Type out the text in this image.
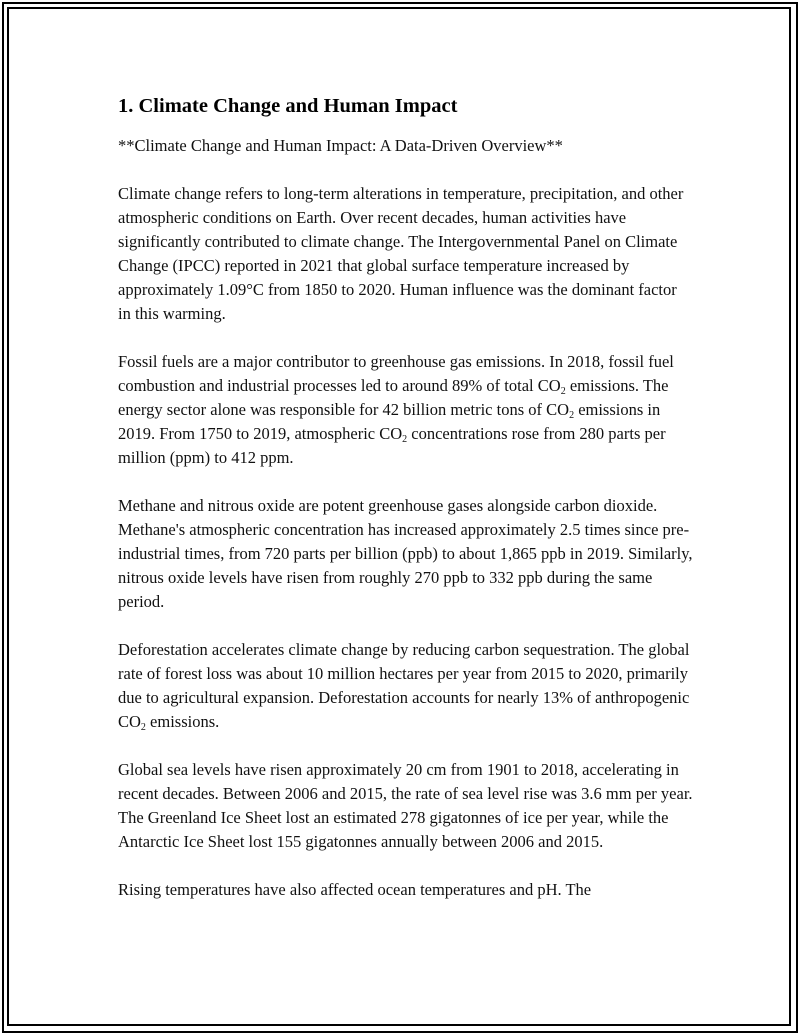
1. Climate Change and Human Impact
**Climate Change and Human Impact: A Data-Driven Overview**

Climate change refers to long-term alterations in temperature, precipitation, and other atmospheric conditions on Earth. Over recent decades, human activities have significantly contributed to climate change. The Intergovernmental Panel on Climate Change (IPCC) reported in 2021 that global surface temperature increased by approximately 1.09°C from 1850 to 2020. Human influence was the dominant factor in this warming.

Fossil fuels are a major contributor to greenhouse gas emissions. In 2018, fossil fuel combustion and industrial processes led to around 89% of total $CO_2$ emissions. The energy sector alone was responsible for 42 billion metric tons of $CO_2$ emissions in 2019. From 1750 to 2019, atmospheric $CO_2$ concentrations rose from 280 parts per million (ppm) to 412 ppm.

Methane and nitrous oxide are potent greenhouse gases alongside carbon dioxide. Methane's atmospheric concentration has increased approximately 2.5 times since pre-industrial times, from 720 parts per billion (ppb) to about 1,865 ppb in 2019. Similarly, nitrous oxide levels have risen from roughly 270 ppb to 332 ppb during the same period.

Deforestation accelerates climate change by reducing carbon sequestration. The global rate of forest loss was about 10 million hectares per year from 2015 to 2020, primarily due to agricultural expansion. Deforestation accounts for nearly 13% of anthropogenic $CO_2$ emissions.

Global sea levels have risen approximately 20 cm from 1901 to 2018, accelerating in recent decades. Between 2006 and 2015, the rate of sea level rise was 3.6 mm per year. The Greenland Ice Sheet lost an estimated 278 gigatonnes of ice per year, while the Antarctic Ice Sheet lost 155 gigatonnes annually between 2006 and 2015.

Rising temperatures have also affected ocean temperatures and pH. The
